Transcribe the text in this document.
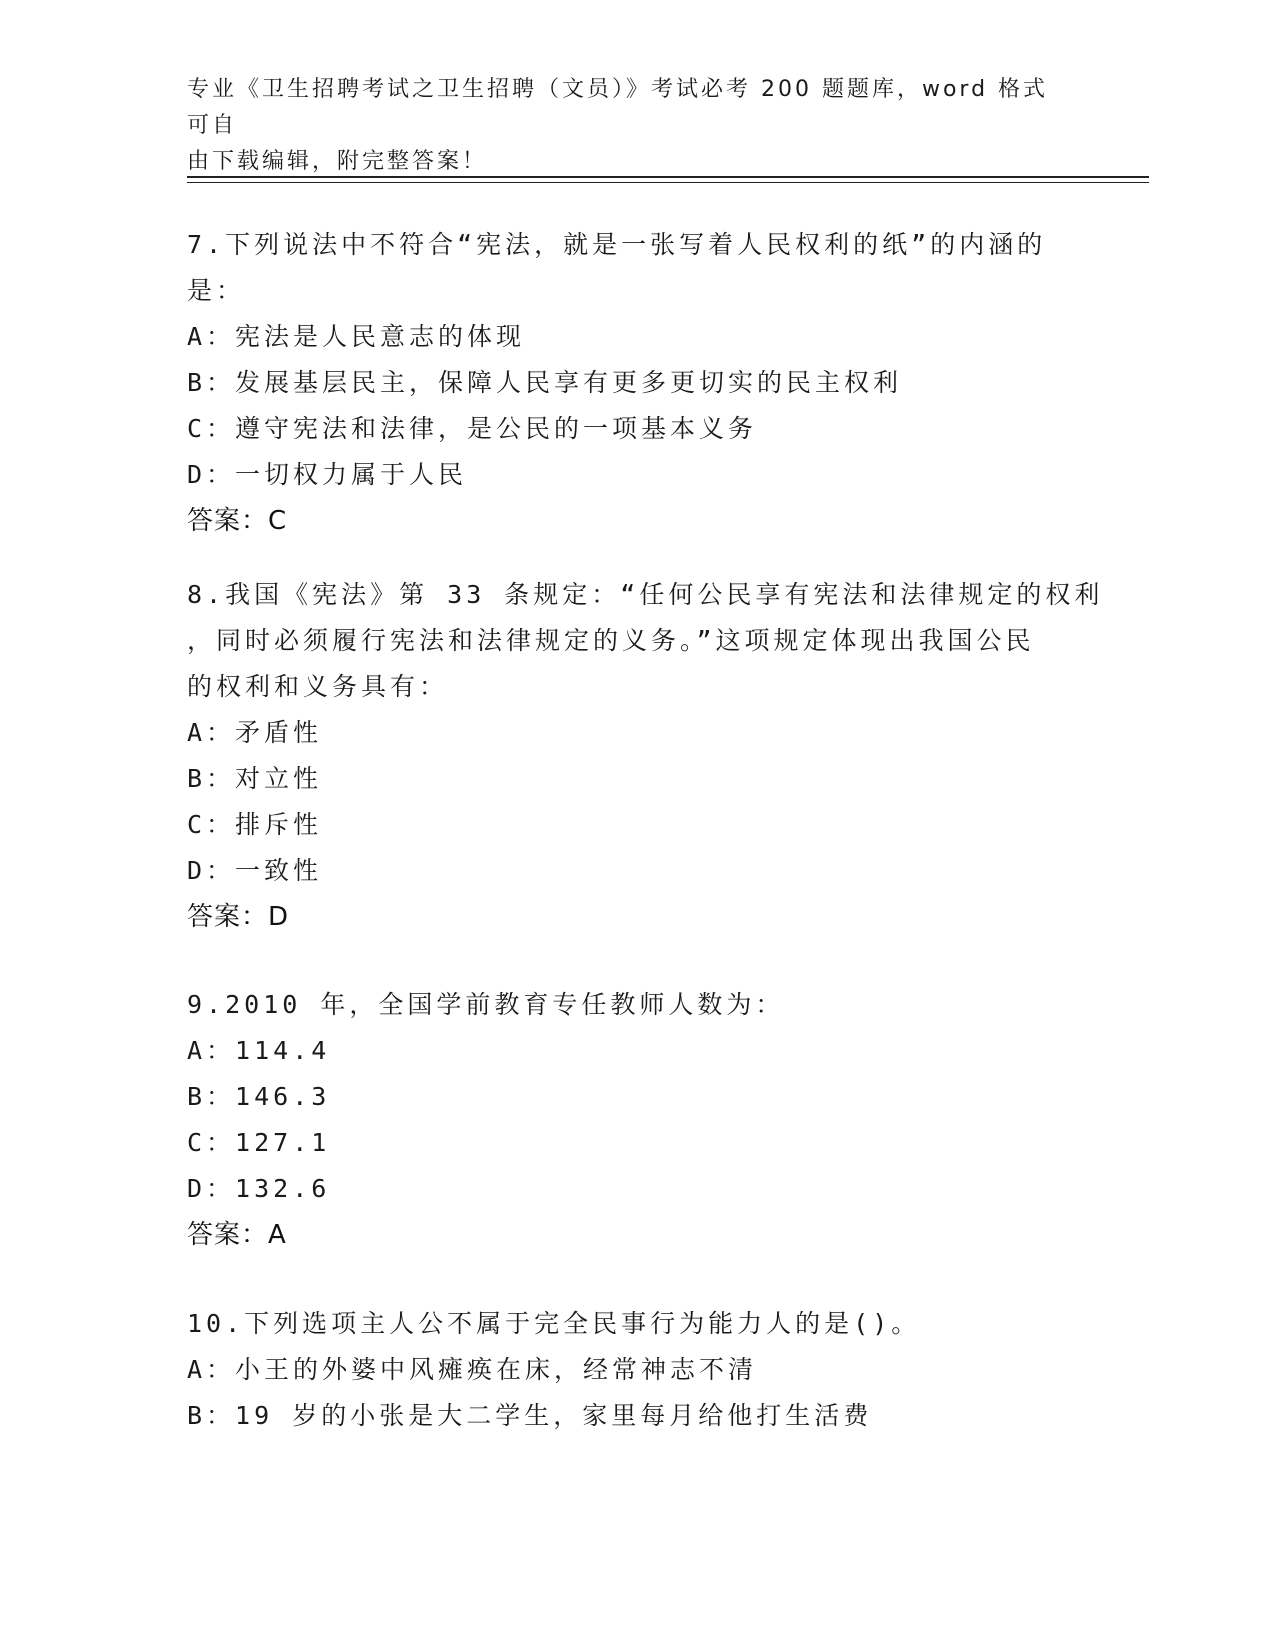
专业《卫生招聘考试之卫生招聘（文员）》考试必考 200 题题库，word 格式可自
由下载编辑，附完整答案！
7.下列说法中不符合“宪法，就是一张写着人民权利的纸”的内涵的
是：
A：宪法是人民意志的体现
B：发展基层民主，保障人民享有更多更切实的民主权利
C：遵守宪法和法律，是公民的一项基本义务
D：一切权力属于人民
答案：C
8.我国《宪法》第 33 条规定：“任何公民享有宪法和法律规定的权利
，同时必须履行宪法和法律规定的义务。”这项规定体现出我国公民
的权利和义务具有：
A：矛盾性
B：对立性
C：排斥性
D：一致性
答案：D
9.2010 年，全国学前教育专任教师人数为：
A：114.4
B：146.3
C：127.1
D：132.6
答案：A
10.下列选项主人公不属于完全民事行为能力人的是()。
A：小王的外婆中风瘫痪在床，经常神志不清
B：19 岁的小张是大二学生，家里每月给他打生活费
